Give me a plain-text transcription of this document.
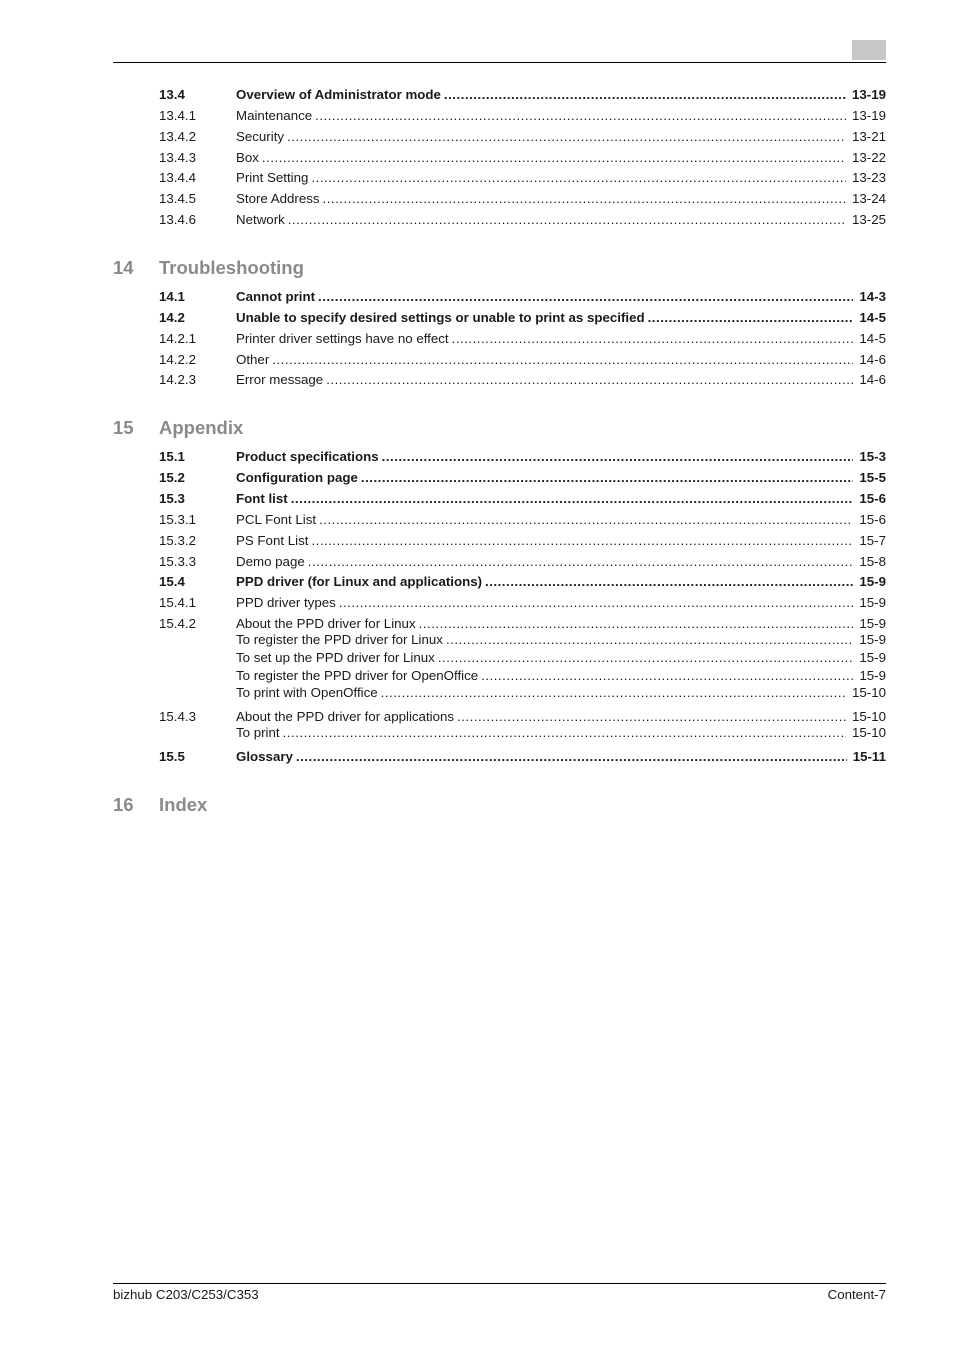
14 Troubleshooting
15 Appendix
16 Index
13.4	Overview of Administrator mode .....	13-19
13.4.1	Maintenance .....	13-19
13.4.2	Security .....	13-21
13.4.3	Box .....	13-22
13.4.4	Print Setting .....	13-23
13.4.5	Store Address .....	13-24
13.4.6	Network .....	13-25
14.1	Cannot print .....	14-3
14.2	Unable to specify desired settings or unable to print as specified .....	14-5
14.2.1	Printer driver settings have no effect .....	14-5
14.2.2	Other .....	14-6
14.2.3	Error message .....	14-6
15.1	Product specifications .....	15-3
15.2	Configuration page .....	15-5
15.3	Font list .....	15-6
15.3.1	PCL Font List .....	15-6
15.3.2	PS Font List .....	15-7
15.3.3	Demo page .....	15-8
15.4	PPD driver (for Linux and applications) .....	15-9
15.4.1	PPD driver types .....	15-9
15.4.2	About the PPD driver for Linux .....	15-9
To register the PPD driver for Linux .....	15-9
To set up the PPD driver for Linux .....	15-9
To register the PPD driver for OpenOffice .....	15-9
To print with OpenOffice .....	15-10
15.4.3	About the PPD driver for applications .....	15-10
To print .....	15-10
15.5	Glossary .....	15-11
bizhub C203/C253/C353	Content-7
